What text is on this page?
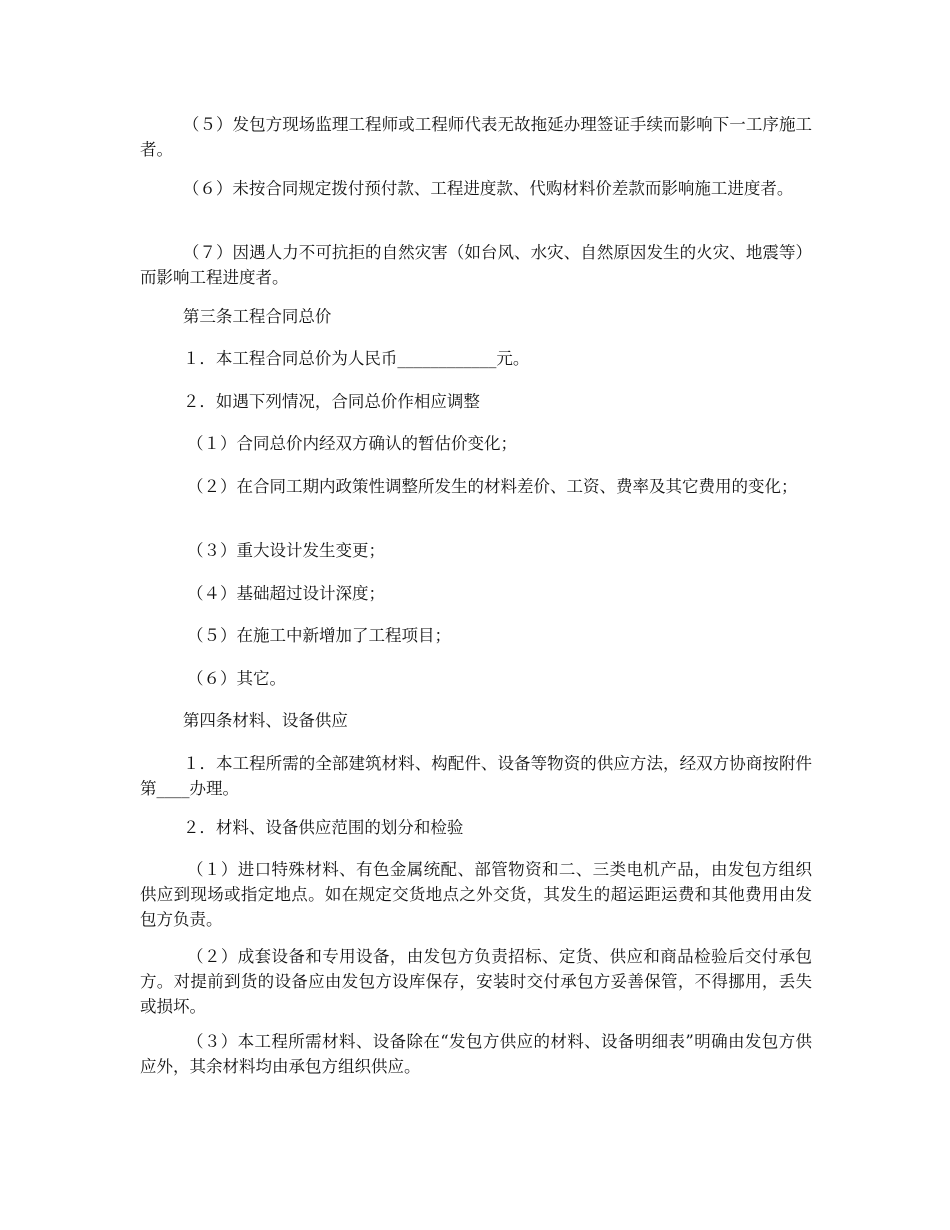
（５）发包方现场监理工程师或工程师代表无故拖延办理签证手续而影响下一工序施工者。

（６）未按合同规定拨付预付款、工程进度款、代购材料价差款而影响施工进度者。

（７）因遇人力不可抗拒的自然灾害（如台风、水灾、自然原因发生的火灾、地震等）而影响工程进度者。

第三条工程合同总价

１．本工程合同总价为人民币____________元。

２．如遇下列情况，合同总价作相应调整

（１）合同总价内经双方确认的暂估价变化；

（２）在合同工期内政策性调整所发生的材料差价、工资、费率及其它费用的变化；

（３）重大设计发生变更；

（４）基础超过设计深度；

（５）在施工中新增加了工程项目；

（６）其它。

第四条材料、设备供应

１．本工程所需的全部建筑材料、构配件、设备等物资的供应方法，经双方协商按附件第____办理。

２．材料、设备供应范围的划分和检验

（１）进口特殊材料、有色金属统配、部管物资和二、三类电机产品，由发包方组织供应到现场或指定地点。如在规定交货地点之外交货，其发生的超运距运费和其他费用由发包方负责。

（２）成套设备和专用设备，由发包方负责招标、定货、供应和商品检验后交付承包方。对提前到货的设备应由发包方设库保存，安装时交付承包方妥善保管，不得挪用，丢失或损坏。

（３）本工程所需材料、设备除在“发包方供应的材料、设备明细表”明确由发包方供应外，其余材料均由承包方组织供应。
